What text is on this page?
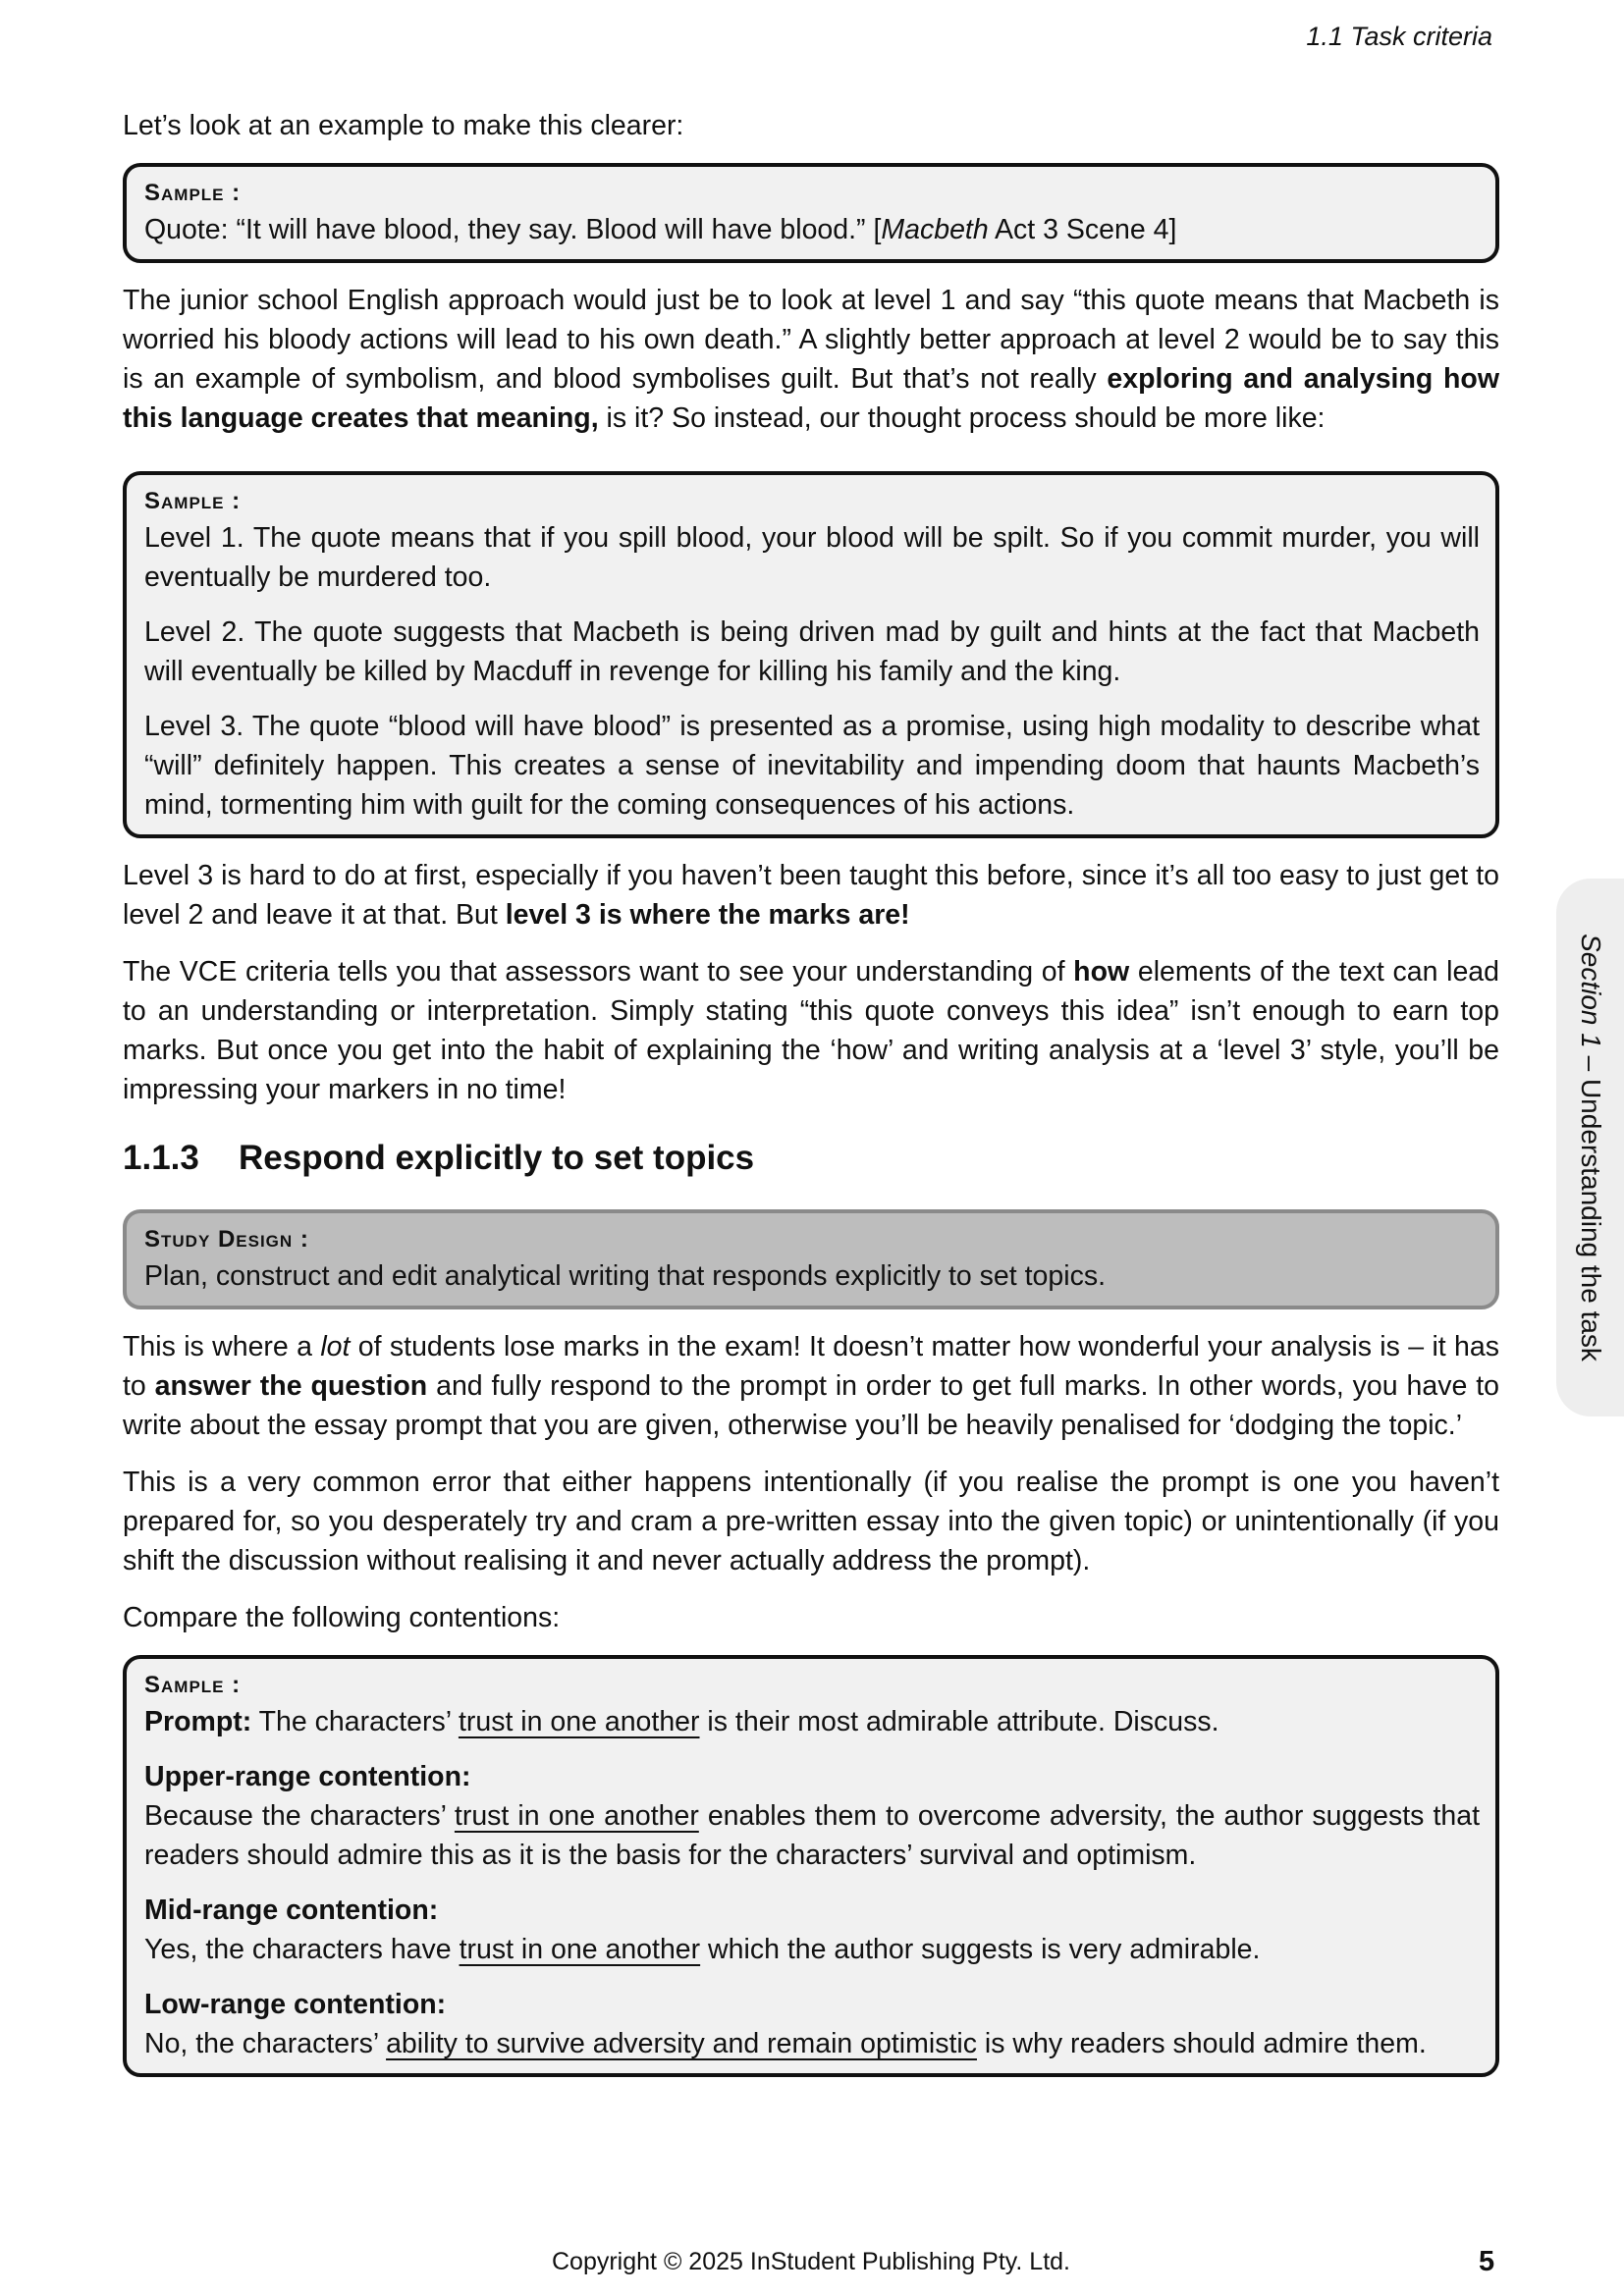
1.1 Task criteria
Section 1 – Understanding the task

Let’s look at an example to make this clearer:

Sample :

Quote: “It will have blood, they say. Blood will have blood.” [Macbeth Act 3 Scene 4]

The junior school English approach would just be to look at level 1 and say “this quote means that Macbeth is worried his bloody actions will lead to his own death.” A slightly better approach at level 2 would be to say this is an example of symbolism, and blood symbolises guilt. But that’s not really exploring and analysing how this language creates that meaning, is it? So instead, our thought process should be more like:

Sample :

Level 1. The quote means that if you spill blood, your blood will be spilt. So if you commit murder, you will eventually be murdered too.

Level 2. The quote suggests that Macbeth is being driven mad by guilt and hints at the fact that Macbeth will eventually be killed by Macduff in revenge for killing his family and the king.

Level 3. The quote “blood will have blood” is presented as a promise, using high modality to describe what “will” definitely happen. This creates a sense of inevitability and impending doom that haunts Macbeth’s mind, tormenting him with guilt for the coming consequences of his actions.

Level 3 is hard to do at first, especially if you haven’t been taught this before, since it’s all too easy to just get to level 2 and leave it at that. But level 3 is where the marks are!

The VCE criteria tells you that assessors want to see your understanding of how elements of the text can lead to an understanding or interpretation. Simply stating “this quote conveys this idea” isn’t enough to earn top marks. But once you get into the habit of explaining the ‘how’ and writing analysis at a ‘level 3’ style, you’ll be impressing your markers in no time!

1.1.3 Respond explicitly to set topics
Study Design :

Plan, construct and edit analytical writing that responds explicitly to set topics.

This is where a lot of students lose marks in the exam! It doesn’t matter how wonderful your analysis is – it has to answer the question and fully respond to the prompt in order to get full marks. In other words, you have to write about the essay prompt that you are given, otherwise you’ll be heavily penalised for ‘dodging the topic.’

This is a very common error that either happens intentionally (if you realise the prompt is one you haven’t prepared for, so you desperately try and cram a pre-written essay into the given topic) or unintentionally (if you shift the discussion without realising it and never actually address the prompt).

Compare the following contentions:

Sample :

Prompt: The characters’ trust in one another is their most admirable attribute. Discuss.

Upper-range contention:
Because the characters’ trust in one another enables them to overcome adversity, the author suggests that readers should admire this as it is the basis for the characters’ survival and optimism.

Mid-range contention:
Yes, the characters have trust in one another which the author suggests is very admirable.

Low-range contention:
No, the characters’ ability to survive adversity and remain optimistic is why readers should admire them.

Copyright © 2025 InStudent Publishing Pty. Ltd.	5
